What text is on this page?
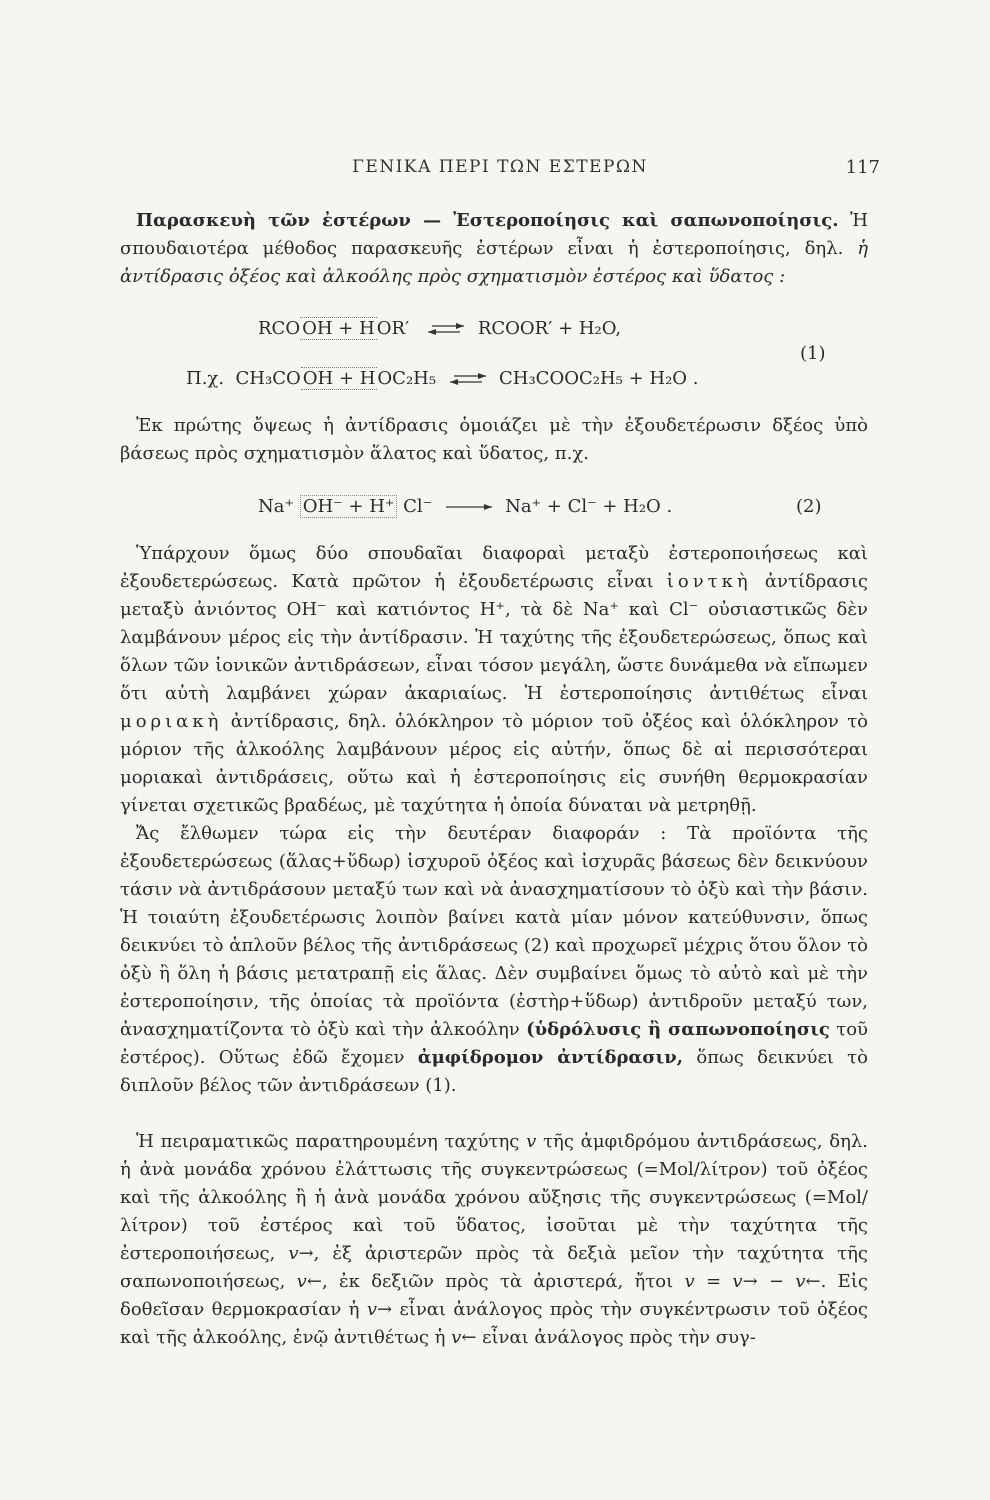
ΓΕΝΙΚΑ ΠΕΡΙ ΤΩΝ ΕΣΤΕΡΩΝ	117
Παρασκευὴ τῶν ἐστέρων — Ἐστεροποίησις καὶ σαπωνοποίησις. Ἡ σπουδαιοτέρα μέθοδος παρασκευῆς ἐστέρων εἶναι ἡ ἐστεροποίησις, δηλ. ἡ ἀντίδρασις ὀξέος καὶ ἀλκοόλης πρὸς σχηματισμὸν ἐστέρος καὶ ὕδατος :
RCO OH + H OR′ ⇌ RCOOR′ + H₂O,
(1)
Π.χ. CH₃CO OH + H OC₂H₅ ⇌ CH₃COOC₂H₅ + H₂O .
Ἐκ πρώτης ὄψεως ἡ ἀντίδρασις ὁμοιάζει μὲ τὴν ἐξουδετέρωσιν δξέος ὑπὸ βάσεως πρὸς σχηματισμὸν ἅλατος καὶ ὕδατος, π.χ.
Na⁺ OH⁻ + H⁺ Cl⁻	Na⁺ + Cl⁻ + H₂O .	(2)
Ὑπάρχουν ὅμως δύο σπουδαῖαι διαφοραὶ μεταξὺ ἐστεροποιήσεως καὶ ἐξουδετερώσεως. Κατὰ πρῶτον ἡ ἐξουδετέρωσις εἶναι ἰοντκὴ ἀντίδρασις μεταξὺ ἀνιόντος OH⁻ καὶ κατιόντος H⁺, τὰ δὲ Na⁺ καὶ Cl⁻ οὐσιαστικῶς δὲν λαμβάνουν μέρος εἰς τὴν ἀντίδρασιν. Ἡ ταχύτης τῆς ἐξουδετερώσεως, ὅπως καὶ ὅλων τῶν ἰονικῶν ἀντιδράσεων, εἶναι τόσον μεγάλη, ὥστε δυνάμεθα νὰ εἴπωμεν ὅτι αὐτὴ λαμβάνει χώραν ἀκαριαίως. Ἡ ἐστεροποίησις ἀντιθέτως εἶναι μοριακὴ ἀντίδρασις, δηλ. ὁλόκληρον τὸ μόριον τοῦ ὀξέος καὶ ὁλόκληρον τὸ μόριον τῆς ἀλκοόλης λαμβάνουν μέρος εἰς αὐτήν, ὅπως δὲ αἱ περισσότεραι μοριακαὶ ἀντιδράσεις, οὕτω καὶ ἡ ἐστεροποίησις εἰς συνήθη θερμοκρασίαν γίνεται σχετικῶς βραδέως, μὲ ταχύτητα ἡ ὁποία δύναται νὰ μετρηθῇ.
Ἄς ἔλθωμεν τώρα εἰς τὴν δευτέραν διαφοράν : Τὰ προϊόντα τῆς ἐξουδετερώσεως (ἅλας+ὕδωρ) ἰσχυροῦ ὀξέος καὶ ἰσχυρᾶς βάσεως δὲν δεικνύουν τάσιν νὰ ἀντιδράσουν μεταξύ των καὶ νὰ ἀνασχηματίσουν τὸ ὀξὺ καὶ τὴν βάσιν. Ἡ τοιαύτη ἐξουδετέρωσις λοιπὸν βαίνει κατὰ μίαν μόνον κατεύθυνσιν, ὅπως δεικνύει τὸ ἁπλοῦν βέλος τῆς ἀντιδράσεως (2) καὶ προχωρεῖ μέχρις ὅτου ὅλον τὸ ὀξὺ ἢ ὅλη ἡ βάσις μετατραπῇ εἰς ἅλας. Δὲν συμβαίνει ὅμως τὸ αὐτὸ καὶ μὲ τὴν ἐστεροποίησιν, τῆς ὁποίας τὰ προϊόντα (ἐστὴρ+ὕδωρ) ἀντιδροῦν μεταξύ των, ἀνασχηματίζοντα τὸ ὀξὺ καὶ τὴν ἀλκοόλην (ὑδρόλυσις ἢ σαπωνοποίησις τοῦ ἐστέρος). Οὕτως ἐδῶ ἔχομεν ἀμφίδρομον ἀντίδρασιν, ὅπως δεικνύει τὸ διπλοῦν βέλος τῶν ἀντιδράσεων (1).
Ἡ πειραματικῶς παρατηρουμένη ταχύτης v τῆς ἀμφιδρόμου ἀντιδράσεως, δηλ. ἡ ἀνὰ μονάδα χρόνου ἐλάττωσις τῆς συγκεντρώσεως (=Mol/λίτρον) τοῦ ὀξέος καὶ τῆς ἀλκοόλης ἢ ἡ ἀνὰ μονάδα χρόνου αὔξησις τῆς συγκεντρώσεως (=Mol/λίτρον) τοῦ ἐστέρος καὶ τοῦ ὕδατος, ἰσοῦται μὲ τὴν ταχύτητα τῆς ἐστεροποιήσεως, v→, ἐξ ἀριστερῶν πρὸς τὰ δεξιὰ μεῖον τὴν ταχύτητα τῆς σαπωνοποιήσεως, v←, ἐκ δεξιῶν πρὸς τὰ ἀριστερά, ἤτοι v = v→ − v←. Εἰς δοθεῖσαν θερμοκρασίαν ἡ v→ εἶναι ἀνάλογος πρὸς τὴν συγκέντρωσιν τοῦ ὀξέος καὶ τῆς ἀλκοόλης, ἐνῷ ἀντιθέτως ἡ v← εἶναι ἀνάλογος πρὸς τὴν συγ-
